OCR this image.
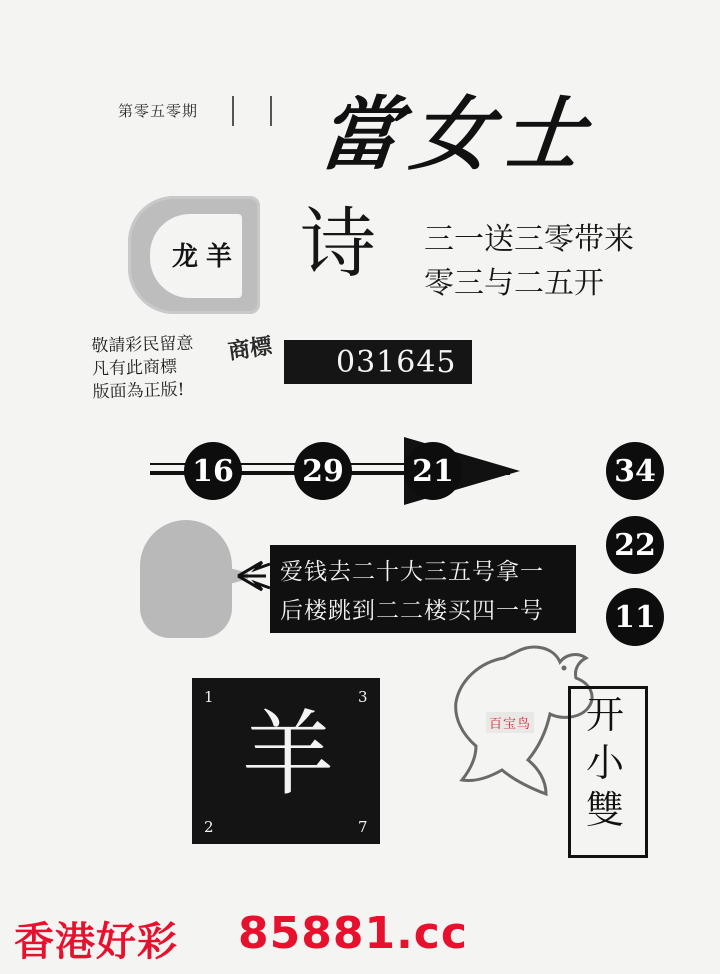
第零五零期 當女士
龙 羊 诗 三一送三零带来
零三与二五开
敬請彩民留意
凡有此商標
版面為正版!
商標 031645
16 29 21	34
22
11
爱钱去二十大三五号拿一
后楼跳到二二楼买四一号
羊
1	3
2	7
百宝鸟	开小雙
香港好彩 85881.cc
